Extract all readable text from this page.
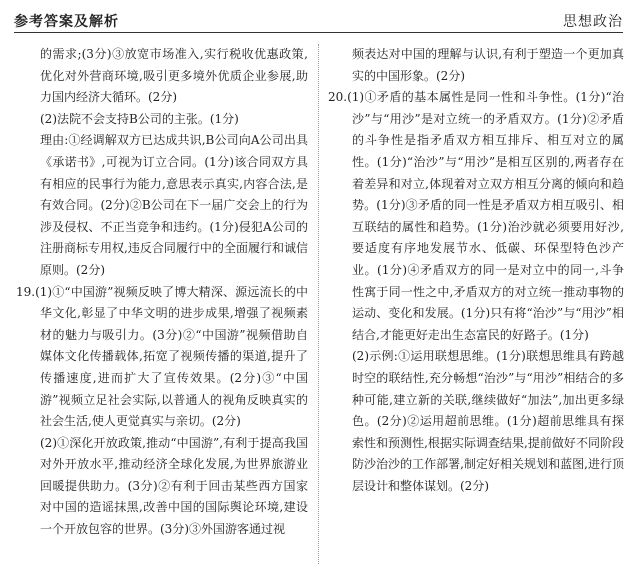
参考答案及解析	思想政治

的需求;(3分)③放宽市场准入,实行税收优惠政策,优化对外营商环境,吸引更多境外优质企业参展,助力国内经济大循环。(2分)

(2)法院不会支持B公司的主张。(1分)

理由:①经调解双方已达成共识,B公司向A公司出具《承诺书》,可视为订立合同。(1分)该合同双方具有相应的民事行为能力,意思表示真实,内容合法,是有效合同。(2分)②B公司在下一届广交会上的行为涉及侵权、不正当竞争和违约。(1分)侵犯A公司的注册商标专用权,违反合同履行中的全面履行和诚信原则。(2分)

19.(1)①“中国游”视频反映了博大精深、源远流长的中华文化,彰显了中华文明的进步成果,增强了视频素材的魅力与吸引力。(3分)②“中国游”视频借助自媒体文化传播载体,拓宽了视频传播的渠道,提升了传播速度,进而扩大了宣传效果。(2分)③“中国游”视频立足社会实际,以普通人的视角反映真实的社会生活,使人更觉真实与亲切。(2分)

(2)①深化开放政策,推动“中国游”,有利于提高我国对外开放水平,推动经济全球化发展,为世界旅游业回暖提供助力。(3分)②有利于回击某些西方国家对中国的造谣抹黑,改善中国的国际舆论环境,建设一个开放包容的世界。(3分)③外国游客通过视

频表达对中国的理解与认识,有利于塑造一个更加真实的中国形象。(2分)

20.(1)①矛盾的基本属性是同一性和斗争性。(1分)“治沙”与“用沙”是对立统一的矛盾双方。(1分)②矛盾的斗争性是指矛盾双方相互排斥、相互对立的属性。(1分)“治沙”与“用沙”是相互区别的,两者存在着差异和对立,体现着对立双方相互分离的倾向和趋势。(1分)③矛盾的同一性是矛盾双方相互吸引、相互联结的属性和趋势。(1分)治沙就必须要用好沙,要适度有序地发展节水、低碳、环保型特色沙产业。(1分)④矛盾双方的同一是对立中的同一,斗争性寓于同一性之中,矛盾双方的对立统一推动事物的运动、变化和发展。(1分)只有将“治沙”与“用沙”相结合,才能更好走出生态富民的好路子。(1分)

(2)示例:①运用联想思维。(1分)联想思维具有跨越时空的联结性,充分畅想“治沙”与“用沙”相结合的多种可能,建立新的关联,继续做好“加法”,加出更多绿色。(2分)②运用超前思维。(1分)超前思维具有探索性和预测性,根据实际调查结果,提前做好不同阶段防沙治沙的工作部署,制定好相关规划和蓝图,进行顶层设计和整体谋划。(2分)
